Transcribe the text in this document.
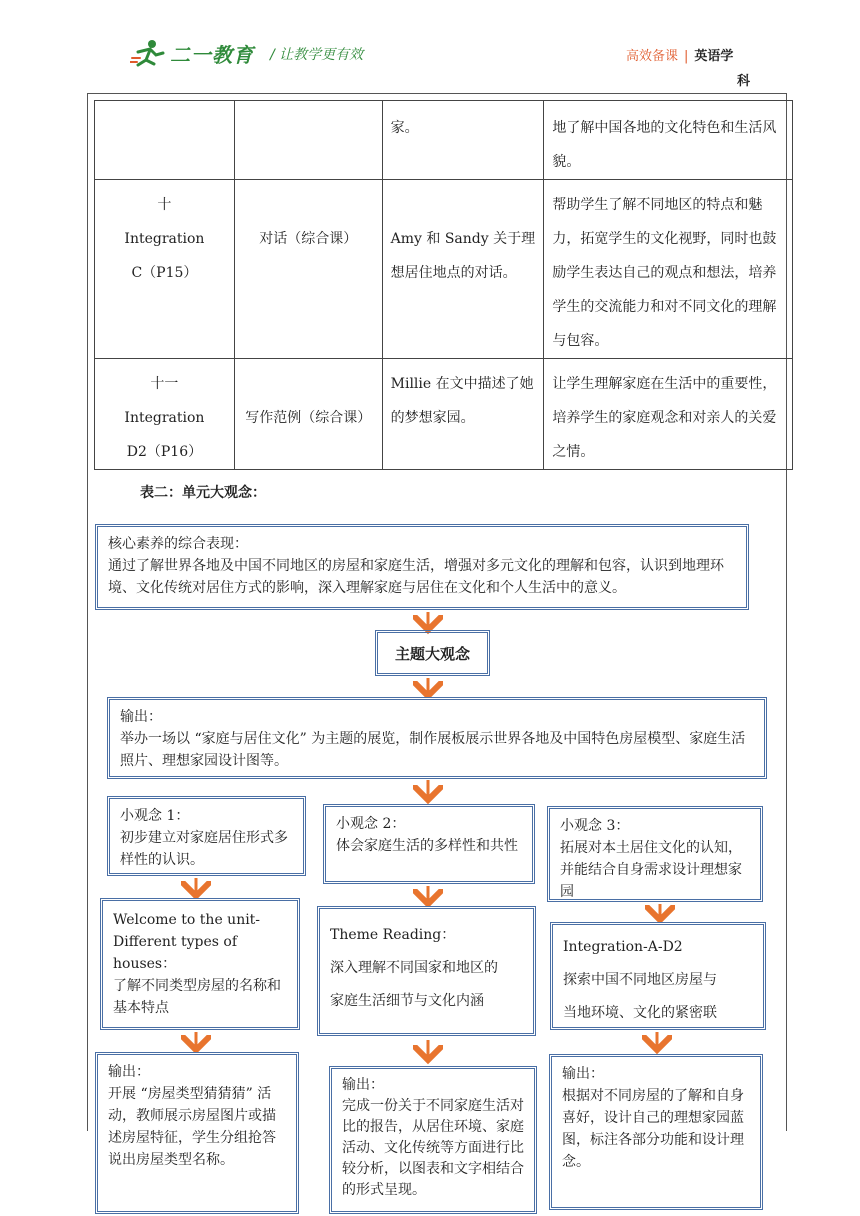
二一教育 / 让教学更有效	高效备课 | 英语学
科
		家。	地了解中国各地的文化特色和生活风貌。

十
Integration
C（P15）	对话（综合课）	Amy 和 Sandy 关于理想居住地点的对话。	帮助学生了解不同地区的特点和魅力，拓宽学生的文化视野，同时也鼓励学生表达自己的观点和想法，培养学生的交流能力和对不同文化的理解与包容。

十一
Integration
D2（P16）	写作范例（综合课）	Millie 在文中描述了她的梦想家园。	让学生理解家庭在生活中的重要性，培养学生的家庭观念和对亲人的关爱之情。
表二：单元大观念：

核心素养的综合表现：

通过了解世界各地及中国不同地区的房屋和家庭生活，增强对多元文化的理解和包容，认识到地理环境、文化传统对居住方式的影响，深入理解家庭与居住在文化和个人生活中的意义。

主题大观念

输出：

举办一场以 “家庭与居住文化” 为主题的展览，制作展板展示世界各地及中国特色房屋模型、家庭生活照片、理想家园设计图等。

小观念 1：

初步建立对家庭居住形式多样性的认识。

Welcome to the unit-

Different types of houses：

了解不同类型房屋的名称和基本特点

输出：

开展 “房屋类型猜猜猜” 活动，教师展示房屋图片或描述房屋特征，学生分组抢答说出房屋类型名称。

小观念 2：

体会家庭生活的多样性和共性

Theme Reading：

深入理解不同国家和地区的

家庭生活细节与文化内涵

输出：

完成一份关于不同家庭生活对比的报告，从居住环境、家庭活动、文化传统等方面进行比较分析，以图表和文字相结合的形式呈现。

小观念 3：

拓展对本土居住文化的认知，并能结合自身需求设计理想家园

Integration-A-D2

探索中国不同地区房屋与

当地环境、文化的紧密联

输出：

根据对不同房屋的了解和自身喜好，设计自己的理想家园蓝图，标注各部分功能和设计理念。
